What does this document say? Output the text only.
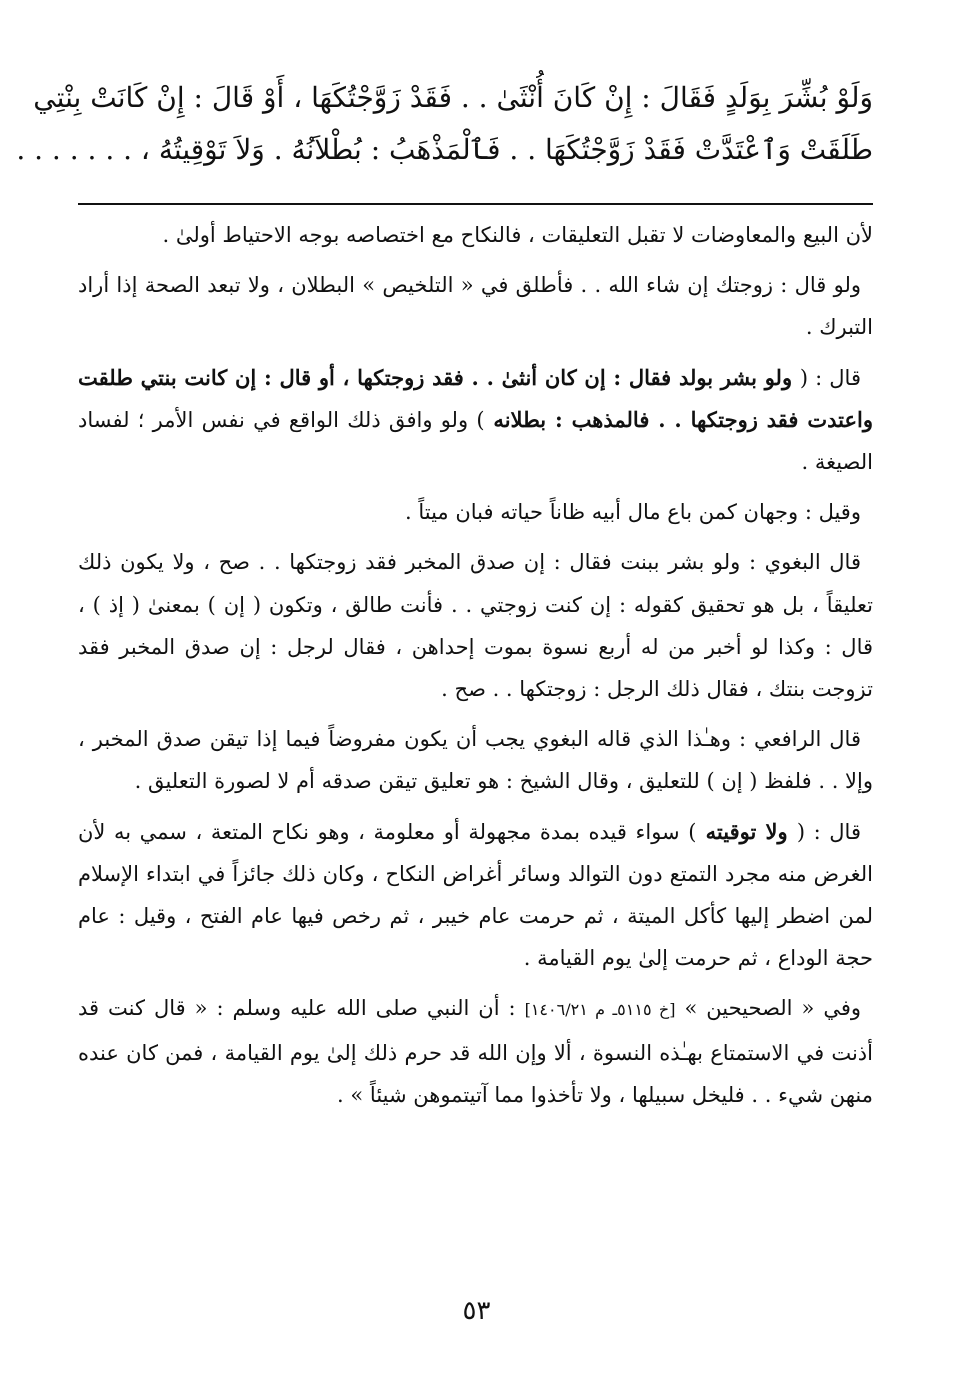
وَلَوْ بُشِّرَ بِوَلَدٍ فَقَالَ : إِنْ كَانَ أُنْثَىٰ . . فَقَدْ زَوَّجْتُكَهَا ، أَوْ قَالَ : إِنْ كَانَتْ بِنْتِي
طَلَقَتْ وَٱعْتَدَّتْ فَقَدْ زَوَّجْتُكَهَا . . فَٱلْمَذْهَبُ : بُطْلاَنُهُ . وَلاَ تَوْقِيتُهُ ، . . . . . . .

لأن البيع والمعاوضات لا تقبل التعليقات ، فالنكاح مع اختصاصه بوجه الاحتياط أولىٰ .

ولو قال : زوجتك إن شاء الله . . فأطلق في « التلخيص » البطلان ، ولا تبعد الصحة إذا أراد التبرك .

قال : ( ولو بشر بولد فقال : إن كان أنثىٰ . . فقد زوجتكها ، أو قال : إن كانت بنتي طلقت واعتدت فقد زوجتكها . . فالمذهب : بطلانه ) ولو وافق ذلك الواقع في نفس الأمر ؛ لفساد الصيغة .

وقيل : وجهان كمن باع مال أبيه ظاناً حياته فبان ميتاً .

قال البغوي : ولو بشر ببنت فقال : إن صدق المخبر فقد زوجتكها . . صح ، ولا يكون ذلك تعليقاً ، بل هو تحقيق كقوله : إن كنت زوجتي . . فأنت طالق ، وتكون ( إن ) بمعنىٰ ( إذ ) ، قال : وكذا لو أخبر من له أربع نسوة بموت إحداهن ، فقال لرجل : إن صدق المخبر فقد تزوجت بنتك ، فقال ذلك الرجل : زوجتكها . . صح .

قال الرافعي : وهـٰذا الذي قاله البغوي يجب أن يكون مفروضاً فيما إذا تيقن صدق المخبر ، وإلا . . فلفظ ( إن ) للتعليق ، وقال الشيخ : هو تعليق تيقن صدقه أم لا لصورة التعليق .

قال : ( ولا توقيته ) سواء قيده بمدة مجهولة أو معلومة ، وهو نكاح المتعة ، سمي به لأن الغرض منه مجرد التمتع دون التوالد وسائر أغراض النكاح ، وكان ذلك جائزاً في ابتداء الإسلام لمن اضطر إليها كأكل الميتة ، ثم حرمت عام خيبر ، ثم رخص فيها عام الفتح ، وقيل : عام حجة الوداع ، ثم حرمت إلىٰ يوم القيامة .

وفي « الصحيحين » [خ ٥١١٥ـ م ١٤٠٦/٢١] : أن النبي صلى الله عليه وسلم : « قال كنت قد أذنت في الاستمتاع بهـٰذه النسوة ، ألا وإن الله قد حرم ذلك إلىٰ يوم القيامة ، فمن كان عنده منهن شيء . . فليخل سبيلها ، ولا تأخذوا مما آتيتموهن شيئاً » .

٥٣
